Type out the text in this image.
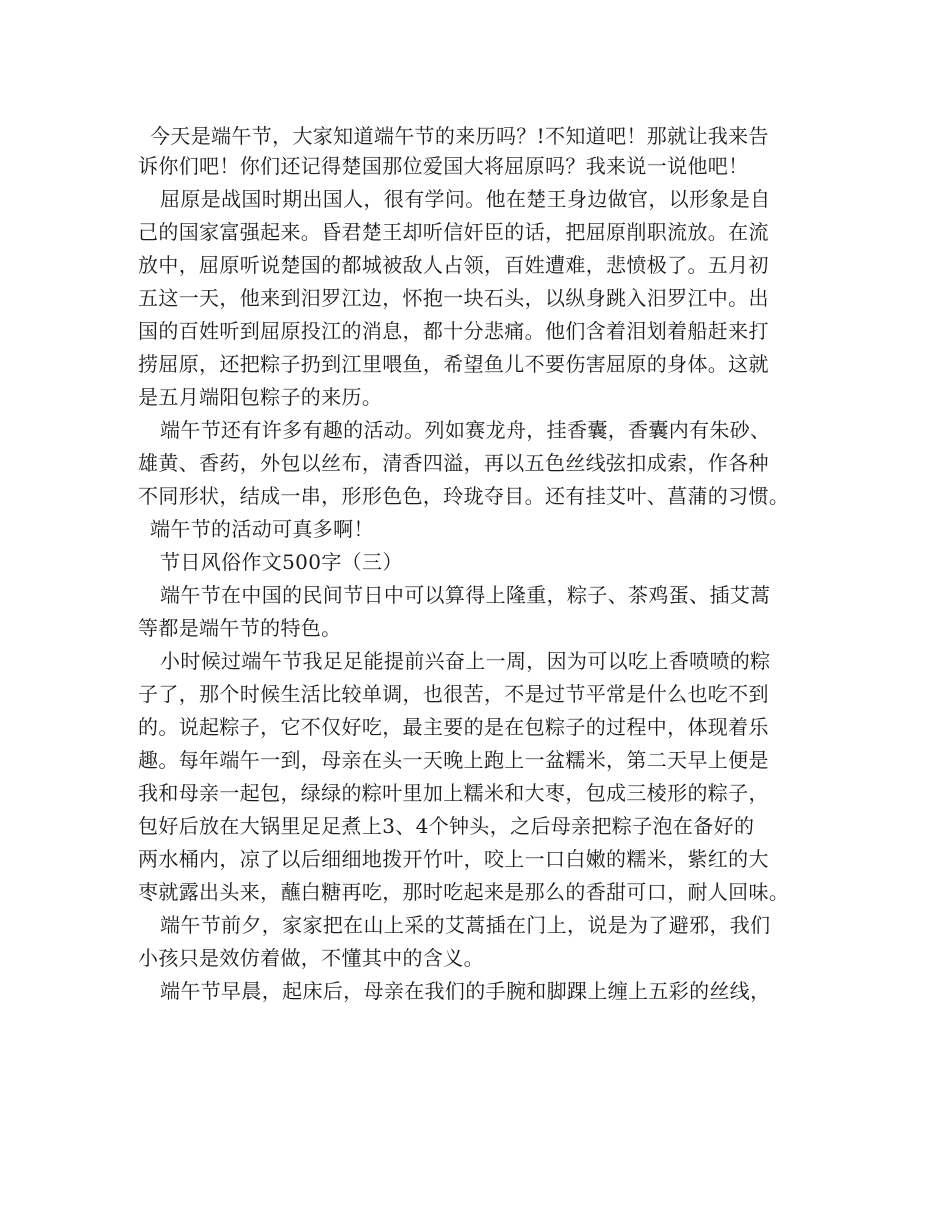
今天是端午节，大家知道端午节的来历吗？!不知道吧！那就让我来告
诉你们吧！你们还记得楚国那位爱国大将屈原吗？我来说一说他吧！
屈原是战国时期出国人，很有学问。他在楚王身边做官，以形象是自
己的国家富强起来。昏君楚王却听信奸臣的话，把屈原削职流放。在流
放中，屈原听说楚国的都城被敌人占领，百姓遭难，悲愤极了。五月初
五这一天，他来到汨罗江边，怀抱一块石头，以纵身跳入汨罗江中。出
国的百姓听到屈原投江的消息，都十分悲痛。他们含着泪划着船赶来打
捞屈原，还把粽子扔到江里喂鱼，希望鱼儿不要伤害屈原的身体。这就
是五月端阳包粽子的来历。
端午节还有许多有趣的活动。列如赛龙舟，挂香囊，香囊内有朱砂、
雄黄、香药，外包以丝布，清香四溢，再以五色丝线弦扣成索，作各种
不同形状，结成一串，形形色色，玲珑夺目。还有挂艾叶、菖蒲的习惯。
端午节的活动可真多啊！
节日风俗作文500字（三）
端午节在中国的民间节日中可以算得上隆重，粽子、茶鸡蛋、插艾蒿
等都是端午节的特色。
小时候过端午节我足足能提前兴奋上一周，因为可以吃上香喷喷的粽
子了，那个时候生活比较单调，也很苦，不是过节平常是什么也吃不到
的。说起粽子，它不仅好吃，最主要的是在包粽子的过程中，体现着乐
趣。每年端午一到，母亲在头一天晚上跑上一盆糯米，第二天早上便是
我和母亲一起包，绿绿的粽叶里加上糯米和大枣，包成三棱形的粽子，
包好后放在大锅里足足煮上3、4个钟头，之后母亲把粽子泡在备好的
两水桶内，凉了以后细细地拨开竹叶，咬上一口白嫩的糯米，紫红的大
枣就露出头来，蘸白糖再吃，那时吃起来是那么的香甜可口，耐人回味。
端午节前夕，家家把在山上采的艾蒿插在门上，说是为了避邪，我们
小孩只是效仿着做，不懂其中的含义。
端午节早晨，起床后，母亲在我们的手腕和脚踝上缠上五彩的丝线，
